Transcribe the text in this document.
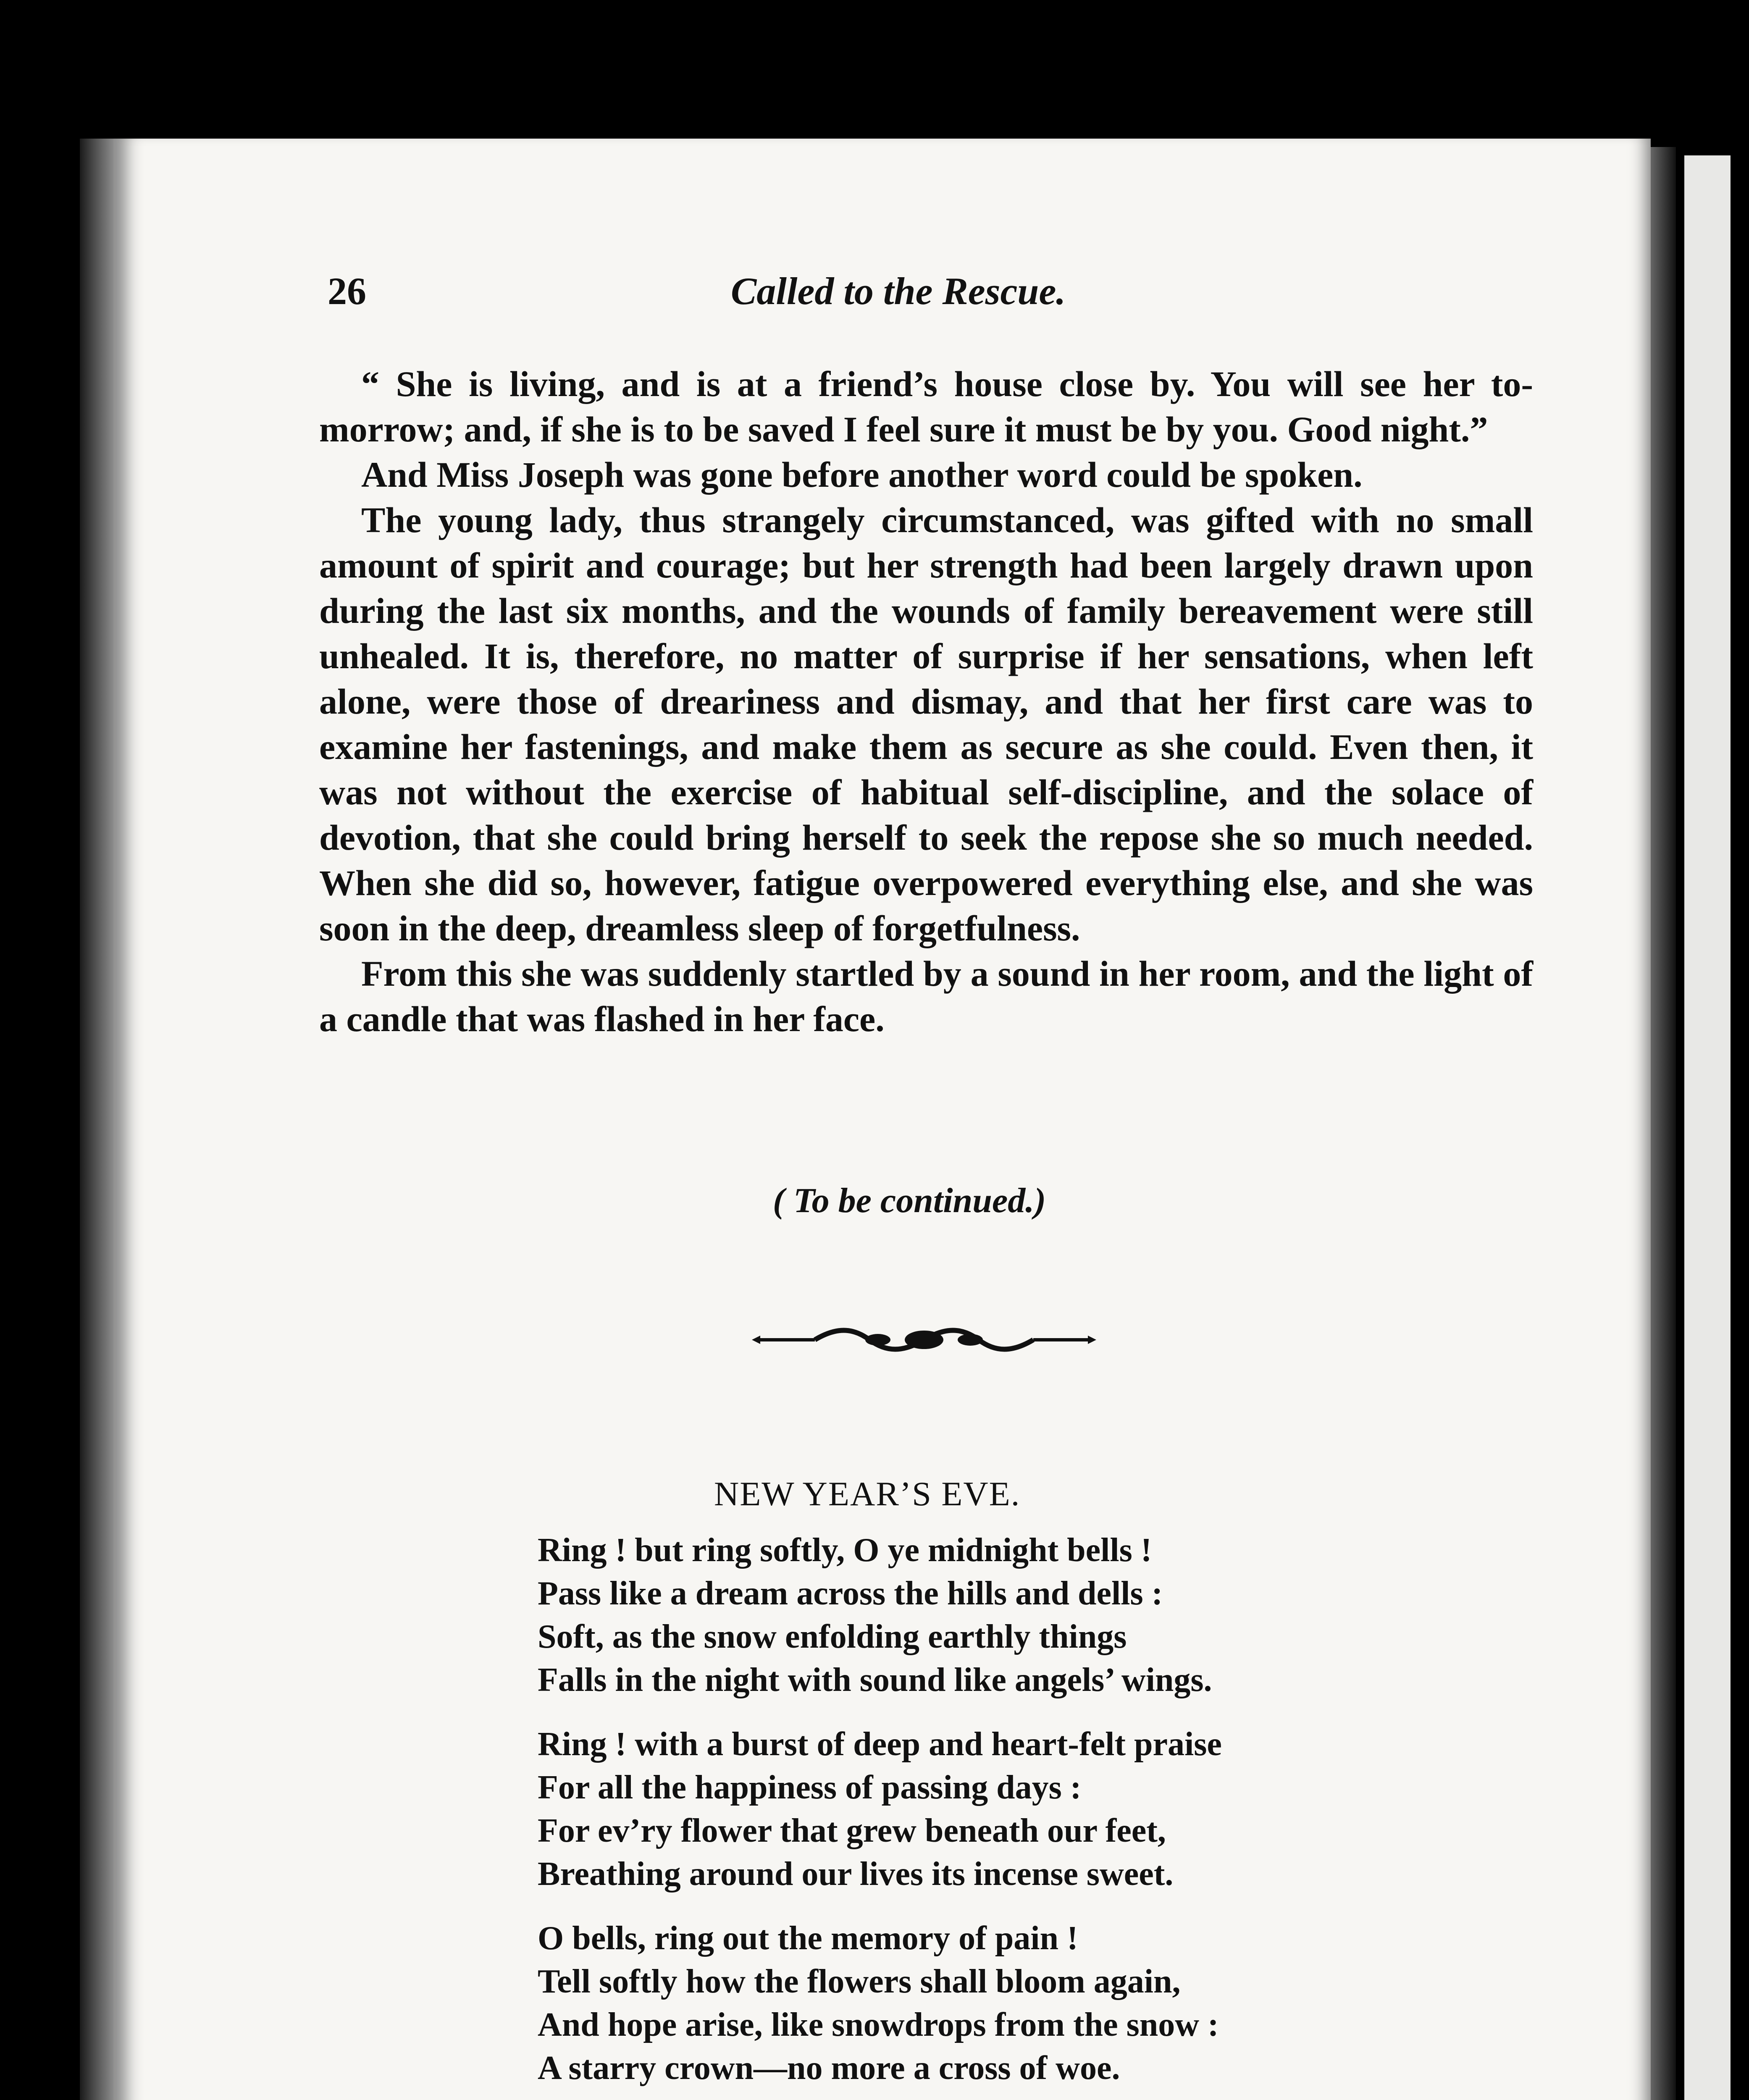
26	Called to the Rescue.

“ She is living, and is at a friend’s house close by. You will see her to-morrow; and, if she is to be saved I feel sure it must be by you. Good night.”

And Miss Joseph was gone before another word could be spoken.

The young lady, thus strangely circumstanced, was gifted with no small amount of spirit and courage; but her strength had been largely drawn upon during the last six months, and the wounds of family bereavement were still unhealed. It is, therefore, no matter of surprise if her sensations, when left alone, were those of dreariness and dismay, and that her first care was to examine her fastenings, and make them as secure as she could. Even then, it was not without the exercise of habitual self-discipline, and the solace of devotion, that she could bring herself to seek the repose she so much needed. When she did so, however, fatigue overpowered everything else, and she was soon in the deep, dreamless sleep of forgetfulness.

From this she was suddenly startled by a sound in her room, and the light of a candle that was flashed in her face.

( To be continued.)
NEW YEAR’S EVE.
Ring ! but ring softly, O ye midnight bells !
Pass like a dream across the hills and dells :
Soft, as the snow enfolding earthly things
Falls in the night with sound like angels’ wings.
Ring ! with a burst of deep and heart-felt praise
For all the happiness of passing days :
For ev’ry flower that grew beneath our feet,
Breathing around our lives its incense sweet.
O bells, ring out the memory of pain !
Tell softly how the flowers shall bloom again,
And hope arise, like snowdrops from the snow :
A starry crown—no more a cross of woe.
